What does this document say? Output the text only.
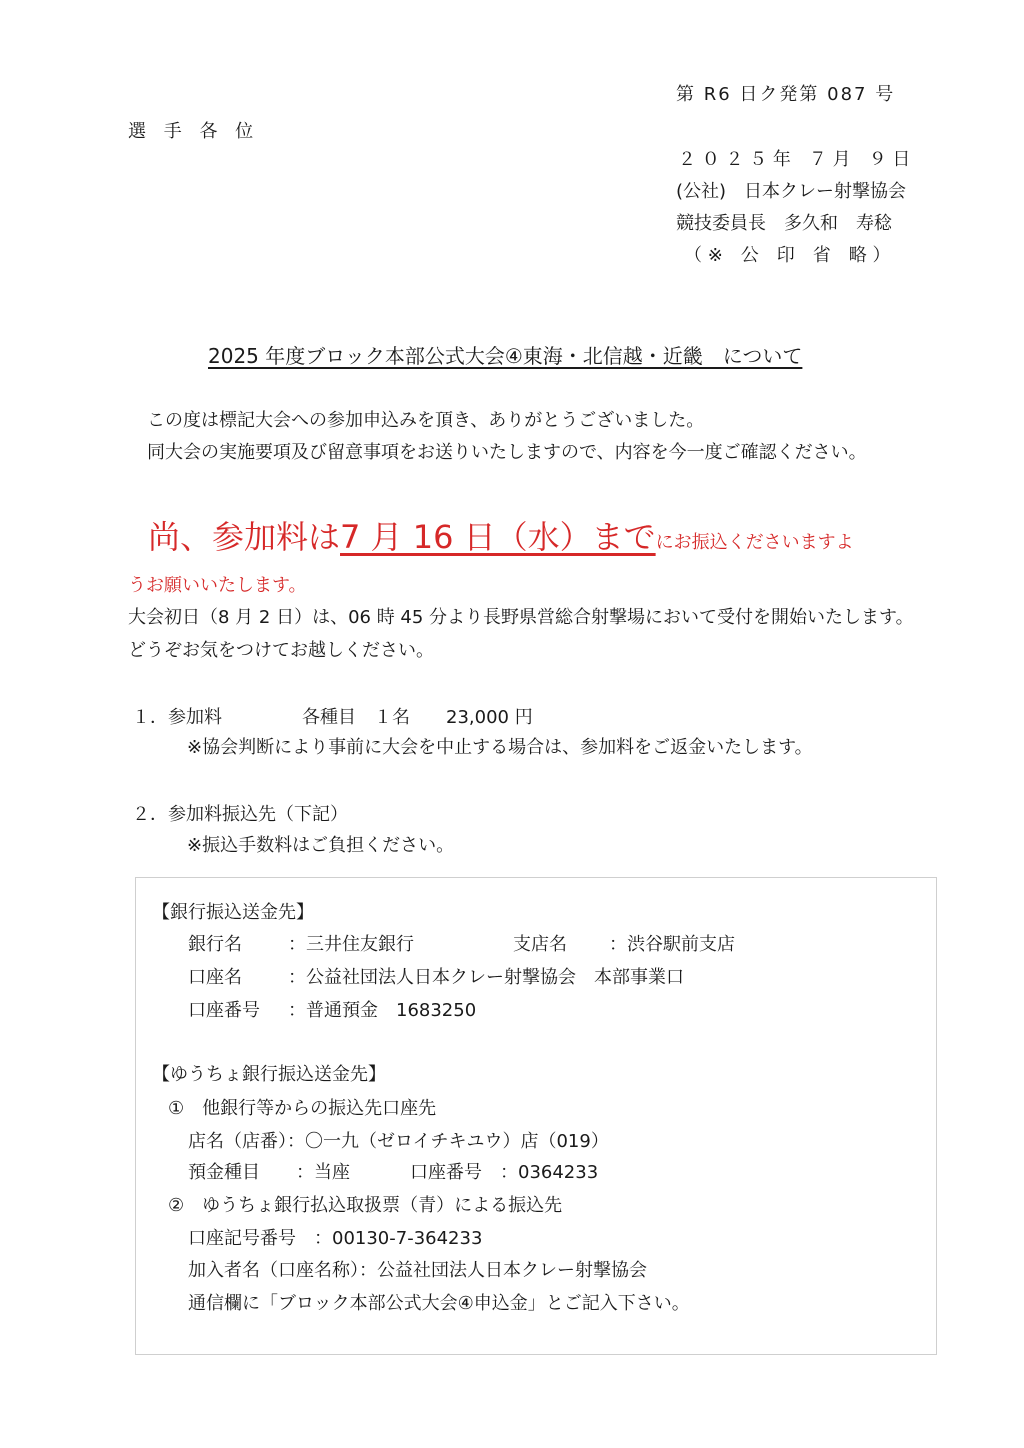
第 R6 日ク発第 087 号
選 手 各 位
２ ０ ２ ５ 年　７ 月　９ 日
(公社)　日本クレー射撃協会
競技委員長　多久和　寿稔
（ ※　公　印　省　略 ）
2025 年度ブロック本部公式大会④東海・北信越・近畿　について
この度は標記大会への参加申込みを頂き、ありがとうございました。
同大会の実施要項及び留意事項をお送りいたしますので、内容を今一度ご確認ください。
尚、参加料は7 月 16 日（水）までにお振込くださいますよ
うお願いいたします。
大会初日（8 月 2 日）は、06 時 45 分より長野県営総合射撃場において受付を開始いたします。
どうぞお気をつけてお越しください。
１． 参加料	各種目　１名　　23,000 円
※協会判断により事前に大会を中止する場合は、参加料をご返金いたします。
２． 参加料振込先（下記）
※振込手数料はご負担ください。
【銀行振込送金先】
銀行名	：三井住友銀行	支店名 ：渋谷駅前支店
口座名	：公益社団法人日本クレー射撃協会　本部事業口
口座番号 ：普通預金　1683250
【ゆうちょ銀行振込送金先】
①　他銀行等からの振込先口座先
店名（店番）：〇一九（ゼロイチキユウ）店（019）
預金種目　　：当座	口座番号　：0364233
②　ゆうちょ銀行払込取扱票（青）による振込先
口座記号番号　：00130-7-364233
加入者名（口座名称）：公益社団法人日本クレー射撃協会
通信欄に「ブロック本部公式大会④申込金」とご記入下さい。
